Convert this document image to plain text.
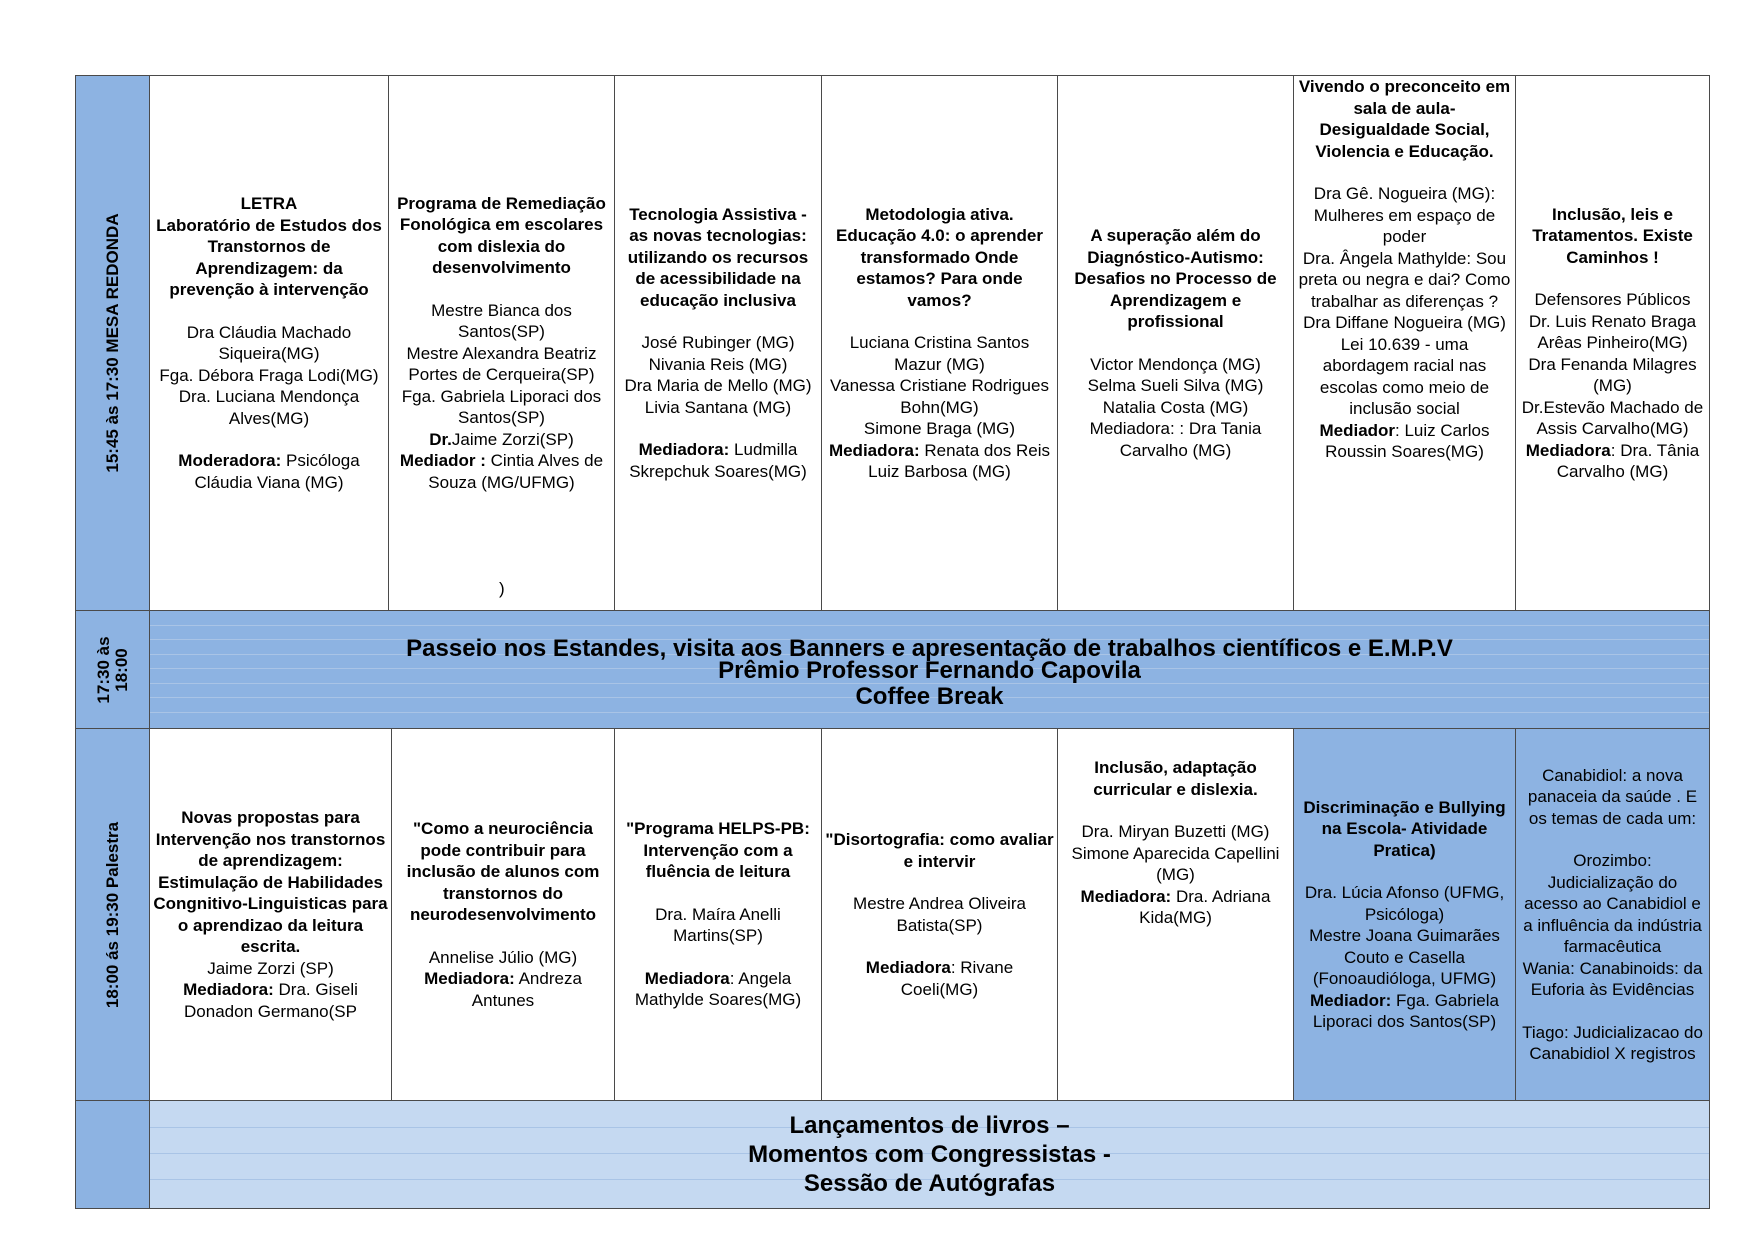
15:45 às 17:30 MESA REDONDA
LETRA
Laboratório de Estudos dos Transtornos de Aprendizagem: da prevenção à intervenção
Dra Cláudia Machado Siqueira(MG)
Fga. Débora Fraga Lodi(MG)
Dra. Luciana Mendonça Alves(MG)
Moderadora: Psicóloga Cláudia Viana (MG)
Programa de Remediação Fonológica em escolares com dislexia do desenvolvimento
Mestre Bianca dos Santos(SP)
Mestre Alexandra Beatriz Portes de Cerqueira(SP)
Fga. Gabriela Liporaci dos Santos(SP)
Dr.Jaime Zorzi(SP)
Mediador : Cintia Alves de Souza (MG/UFMG)
)
Tecnologia Assistiva - as novas tecnologias: utilizando os recursos de acessibilidade na educação inclusiva
José Rubinger (MG)
Nivania Reis (MG)
Dra Maria de Mello (MG)
Livia Santana (MG)
Mediadora: Ludmilla Skrepchuk Soares(MG)
Metodologia ativa. Educação 4.0: o aprender transformado Onde estamos? Para onde vamos?
Luciana Cristina Santos Mazur (MG)
Vanessa Cristiane Rodrigues Bohn(MG)
Simone Braga (MG)
Mediadora: Renata dos Reis Luiz Barbosa (MG)
A superação além do Diagnóstico-Autismo: Desafios no Processo de Aprendizagem e profissional
Victor Mendonça (MG)
Selma Sueli Silva (MG)
Natalia Costa (MG)
Mediadora: : Dra Tania Carvalho (MG)
Vivendo o preconceito em sala de aula- Desigualdade Social, Violencia e Educação.
Dra Gê. Nogueira (MG): Mulheres em espaço de poder
Dra. Ângela Mathylde: Sou preta ou negra e dai? Como trabalhar as diferenças ?
Dra Diffane Nogueira (MG)
Lei 10.639 - uma abordagem racial nas escolas como meio de inclusão social
Mediador: Luiz Carlos Roussin Soares(MG)
Inclusão, leis e Tratamentos. Existe Caminhos !
Defensores Públicos
Dr. Luis Renato Braga Arêas Pinheiro(MG)
Dra Fenanda Milagres (MG)
Dr.Estevão Machado de Assis Carvalho(MG)
Mediadora: Dra. Tânia Carvalho (MG)
17:30 às 18:00	Passeio nos Estandes, visita aos Banners e apresentação de trabalhos científicos e E.M.P.V
Prêmio Professor Fernando Capovila
Coffee Break
18:00 ás 19:30 Palestra
Novas propostas para Intervenção nos transtornos de aprendizagem: Estimulação de Habilidades Congnitivo-Linguisticas para o aprendizao da leitura escrita.
Jaime Zorzi (SP)
Mediadora: Dra. Giseli Donadon Germano(SP
"Como a neurociência pode contribuir para inclusão de alunos com transtornos do neurodesenvolvimento
Annelise Júlio (MG)
Mediadora: Andreza Antunes
"Programa HELPS-PB: Intervenção com a fluência de leitura
Dra. Maíra Anelli Martins(SP)
Mediadora: Angela Mathylde Soares(MG)
"Disortografia: como avaliar e intervir
Mestre Andrea Oliveira Batista(SP)
Mediadora: Rivane Coeli(MG)
Inclusão, adaptação curricular e dislexia.
Dra. Miryan Buzetti (MG)
Simone Aparecida Capellini (MG)
Mediadora: Dra. Adriana Kida(MG)
Discriminação e Bullying
na Escola- Atividade Pratica)
Dra. Lúcia Afonso (UFMG, Psicóloga)
Mestre Joana Guimarães Couto e Casella (Fonoaudióloga, UFMG)
Mediador: Fga. Gabriela Liporaci dos Santos(SP)
Canabidiol: a nova panaceia da saúde . E os temas de cada um:
Orozimbo: Judicialização do acesso ao Canabidiol e a influência da indústria farmacêutica
Wania: Canabinoids: da Euforia às Evidências
Tiago: Judicializacao do Canabidiol X registros
Lançamentos de livros –
Momentos com Congressistas -
Sessão de Autógrafas
